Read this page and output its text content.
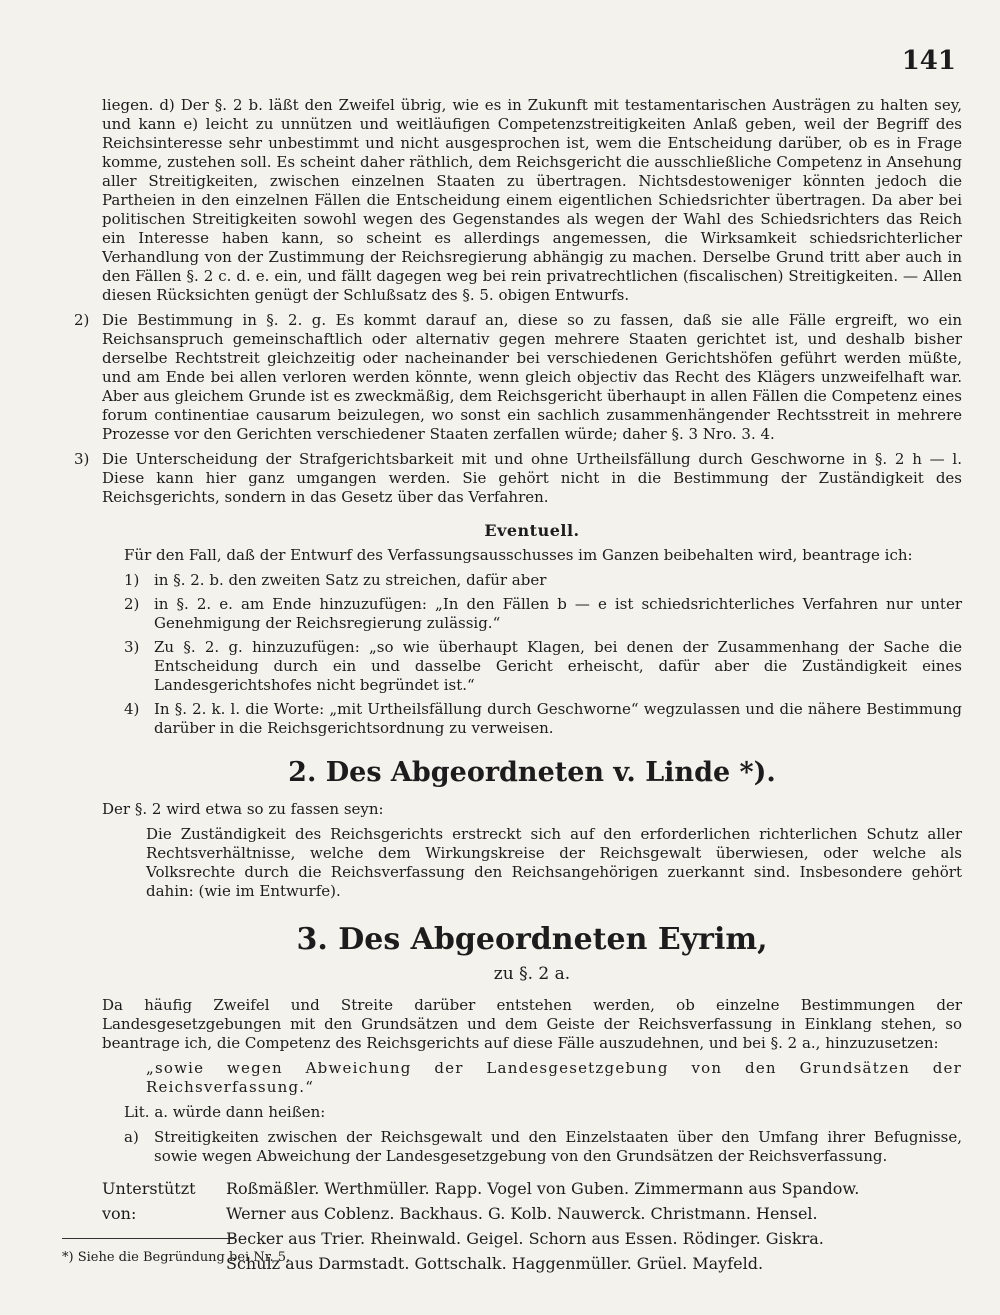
141

liegen. d) Der §. 2 b. läßt den Zweifel übrig, wie es in Zukunft mit testamentarischen Austrägen zu halten sey, und kann e) leicht zu unnützen und weitläufigen Competenzstreitigkeiten Anlaß geben, weil der Begriff des Reichsinteresse sehr unbestimmt und nicht ausgesprochen ist, wem die Entscheidung darüber, ob es in Frage komme, zustehen soll. Es scheint daher räthlich, dem Reichsgericht die ausschließliche Competenz in Ansehung aller Streitigkeiten, zwischen einzelnen Staaten zu übertragen. Nichtsdestoweniger könnten jedoch die Partheien in den einzelnen Fällen die Entscheidung einem eigentlichen Schiedsrichter übertragen. Da aber bei politischen Streitigkeiten sowohl wegen des Gegenstandes als wegen der Wahl des Schiedsrichters das Reich ein Interesse haben kann, so scheint es allerdings angemessen, die Wirksamkeit schiedsrichterlicher Verhandlung von der Zustimmung der Reichsregierung abhängig zu machen. Derselbe Grund tritt aber auch in den Fällen §. 2 c. d. e. ein, und fällt dagegen weg bei rein privatrechtlichen (fiscalischen) Streitigkeiten. — Allen diesen Rücksichten genügt der Schlußsatz des §. 5. obigen Entwurfs.

2) Die Bestimmung in §. 2. g. Es kommt darauf an, diese so zu fassen, daß sie alle Fälle ergreift, wo ein Reichsanspruch gemeinschaftlich oder alternativ gegen mehrere Staaten gerichtet ist, und deshalb bisher derselbe Rechtstreit gleichzeitig oder nacheinander bei verschiedenen Gerichtshöfen geführt werden müßte, und am Ende bei allen verloren werden könnte, wenn gleich objectiv das Recht des Klägers unzweifelhaft war. Aber aus gleichem Grunde ist es zweckmäßig, dem Reichsgericht überhaupt in allen Fällen die Competenz eines forum continentiae causarum beizulegen, wo sonst ein sachlich zusammenhängender Rechtsstreit in mehrere Prozesse vor den Gerichten verschiedener Staaten zerfallen würde; daher §. 3 Nro. 3. 4.
3) Die Unterscheidung der Strafgerichtsbarkeit mit und ohne Urtheilsfällung durch Geschworne in §. 2 h — l. Diese kann hier ganz umgangen werden. Sie gehört nicht in die Bestimmung der Zuständigkeit des Reichsgerichts, sondern in das Gesetz über das Verfahren.
Eventuell.

Für den Fall, daß der Entwurf des Verfassungsausschusses im Ganzen beibehalten wird, beantrage ich:

1) in §. 2. b. den zweiten Satz zu streichen, dafür aber
2) in §. 2. e. am Ende hinzuzufügen: „In den Fällen b — e ist schiedsrichterliches Verfahren nur unter Genehmigung der Reichsregierung zulässig.“
3) Zu §. 2. g. hinzuzufügen: „so wie überhaupt Klagen, bei denen der Zusammenhang der Sache die Entscheidung durch ein und dasselbe Gericht erheischt, dafür aber die Zuständigkeit eines Landesgerichtshofes nicht begründet ist.“
4) In §. 2. k. l. die Worte: „mit Urtheilsfällung durch Geschworne“ wegzulassen und die nähere Bestimmung darüber in die Reichsgerichtsordnung zu verweisen.
2. Des Abgeordneten v. Linde *).

Der §. 2 wird etwa so zu fassen seyn:

Die Zuständigkeit des Reichsgerichts erstreckt sich auf den erforderlichen richterlichen Schutz aller Rechtsverhältnisse, welche dem Wirkungskreise der Reichsgewalt überwiesen, oder welche als Volksrechte durch die Reichsverfassung den Reichsangehörigen zuerkannt sind. Insbesondere gehört dahin: (wie im Entwurfe).

3. Des Abgeordneten Eyrim,
zu §. 2 a.

Da häufig Zweifel und Streite darüber entstehen werden, ob einzelne Bestimmungen der Landesgesetzgebungen mit den Grundsätzen und dem Geiste der Reichsverfassung in Einklang stehen, so beantrage ich, die Competenz des Reichsgerichts auf diese Fälle auszudehnen, und bei §. 2 a., hinzuzusetzen:

„sowie wegen Abweichung der Landesgesetzgebung von den Grundsätzen der Reichsverfassung.“

Lit. a. würde dann heißen:

a)	Streitigkeiten zwischen der Reichsgewalt und den Einzelstaaten über den Umfang ihrer Befugnisse, sowie wegen Abweichung der Landesgesetzgebung von den Grundsätzen der Reichsverfassung.
Unterstützt von:
Roßmäßler. Werthmüller. Rapp. Vogel von Guben. Zimmermann aus Spandow.
Werner aus Coblenz. Backhaus. G. Kolb. Nauwerck. Christmann. Hensel.
Becker aus Trier. Rheinwald. Geigel. Schorn aus Essen. Rödinger. Giskra.
Schulz aus Darmstadt. Gottschalk. Haggenmüller. Grüel. Mayfeld.
*) Siehe die Begründung bei Nr. 5.
